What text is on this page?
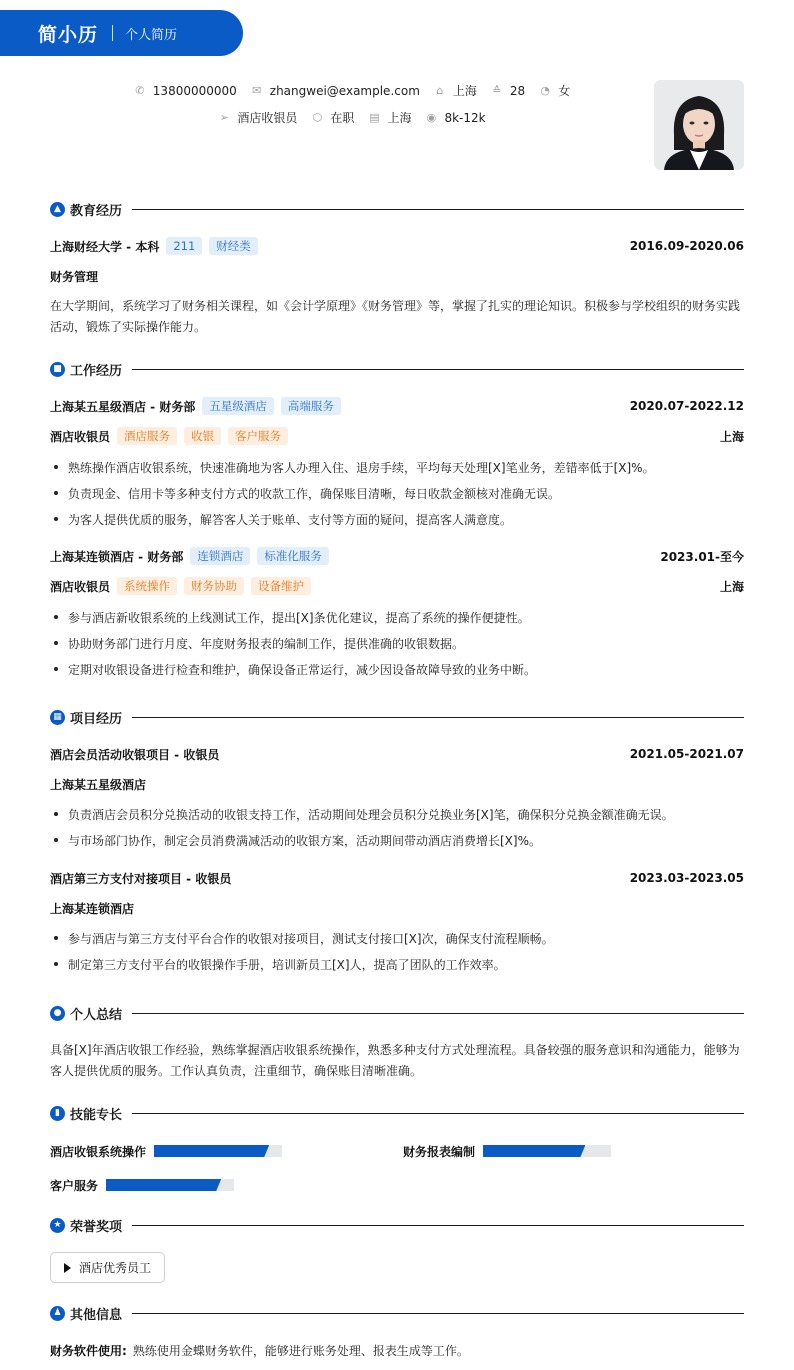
简小历 个人简历
✆ 13800000000 ✉ zhangwei@example.com ⌂ 上海 ≙ 28 ◔ 女
➢ 酒店收银员 ⬡ 在职 ▤ 上海 ◉ 8k-12k
▲ 教育经历
上海财经大学 - 本科	211	财经类	2016.09-2020.06
财务管理
在大学期间，系统学习了财务相关课程，如《会计学原理》《财务管理》等，掌握了扎实的理论知识。积极参与学校组织的财务实践活动，锻炼了实际操作能力。
■ 工作经历
上海某五星级酒店 - 财务部	五星级酒店	高端服务	2020.07-2022.12
酒店收银员	酒店服务	收银	客户服务	上海
熟练操作酒店收银系统，快速准确地为客人办理入住、退房手续，平均每天处理[X]笔业务，差错率低于[X]%。
负责现金、信用卡等多种支付方式的收款工作，确保账目清晰，每日收款金额核对准确无误。
为客人提供优质的服务，解答客人关于账单、支付等方面的疑问，提高客人满意度。
上海某连锁酒店 - 财务部	连锁酒店	标准化服务	2023.01-至今
酒店收银员	系统操作	财务协助	设备维护	上海
参与酒店新收银系统的上线测试工作，提出[X]条优化建议，提高了系统的操作便捷性。
协助财务部门进行月度、年度财务报表的编制工作，提供准确的收银数据。
定期对收银设备进行检查和维护，确保设备正常运行，减少因设备故障导致的业务中断。
▦ 项目经历
酒店会员活动收银项目 - 收银员	2021.05-2021.07
上海某五星级酒店
负责酒店会员积分兑换活动的收银支持工作，活动期间处理会员积分兑换业务[X]笔，确保积分兑换金额准确无误。
与市场部门协作，制定会员消费满减活动的收银方案，活动期间带动酒店消费增长[X]%。
酒店第三方支付对接项目 - 收银员	2023.03-2023.05
上海某连锁酒店
参与酒店与第三方支付平台合作的收银对接项目，测试支付接口[X]次，确保支付流程顺畅。
制定第三方支付平台的收银操作手册，培训新员工[X]人，提高了团队的工作效率。
● 个人总结
具备[X]年酒店收银工作经验，熟练掌握酒店收银系统操作，熟悉多种支付方式处理流程。具备较强的服务意识和沟通能力，能够为客人提供优质的服务。工作认真负责，注重细节，确保账目清晰准确。
▮ 技能专长
酒店收银系统操作	财务报表编制
客户服务
★ 荣誉奖项
酒店优秀员工
♟ 其他信息
财务软件使用: 熟练使用金蝶财务软件，能够进行账务处理、报表生成等工作。
